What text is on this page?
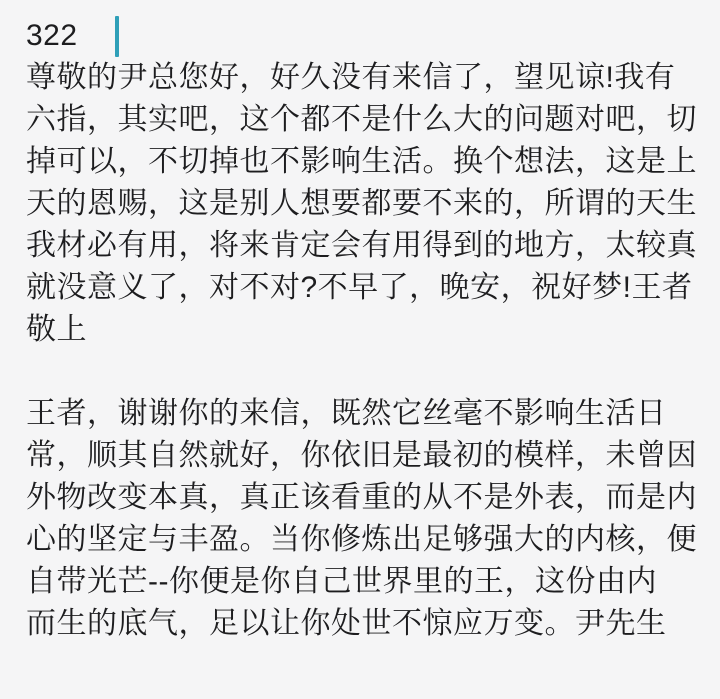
322
尊敬的尹总您好，好久没有来信了，望见谅!我有
六指，其实吧，这个都不是什么大的问题对吧，切
掉可以，不切掉也不影响生活。换个想法，这是上
天的恩赐，这是别人想要都要不来的，所谓的天生
我材必有用，将来肯定会有用得到的地方，太较真
就没意义了，对不对?不早了，晚安，祝好梦!王者
敬上
王者，谢谢你的来信，既然它丝毫不影响生活日
常，顺其自然就好，你依旧是最初的模样，未曾因
外物改变本真，真正该看重的从不是外表，而是内
心的坚定与丰盈。当你修炼出足够强大的内核，便
自带光芒--你便是你自己世界里的王，这份由内
而生的底气，足以让你处世不惊应万变。尹先生
